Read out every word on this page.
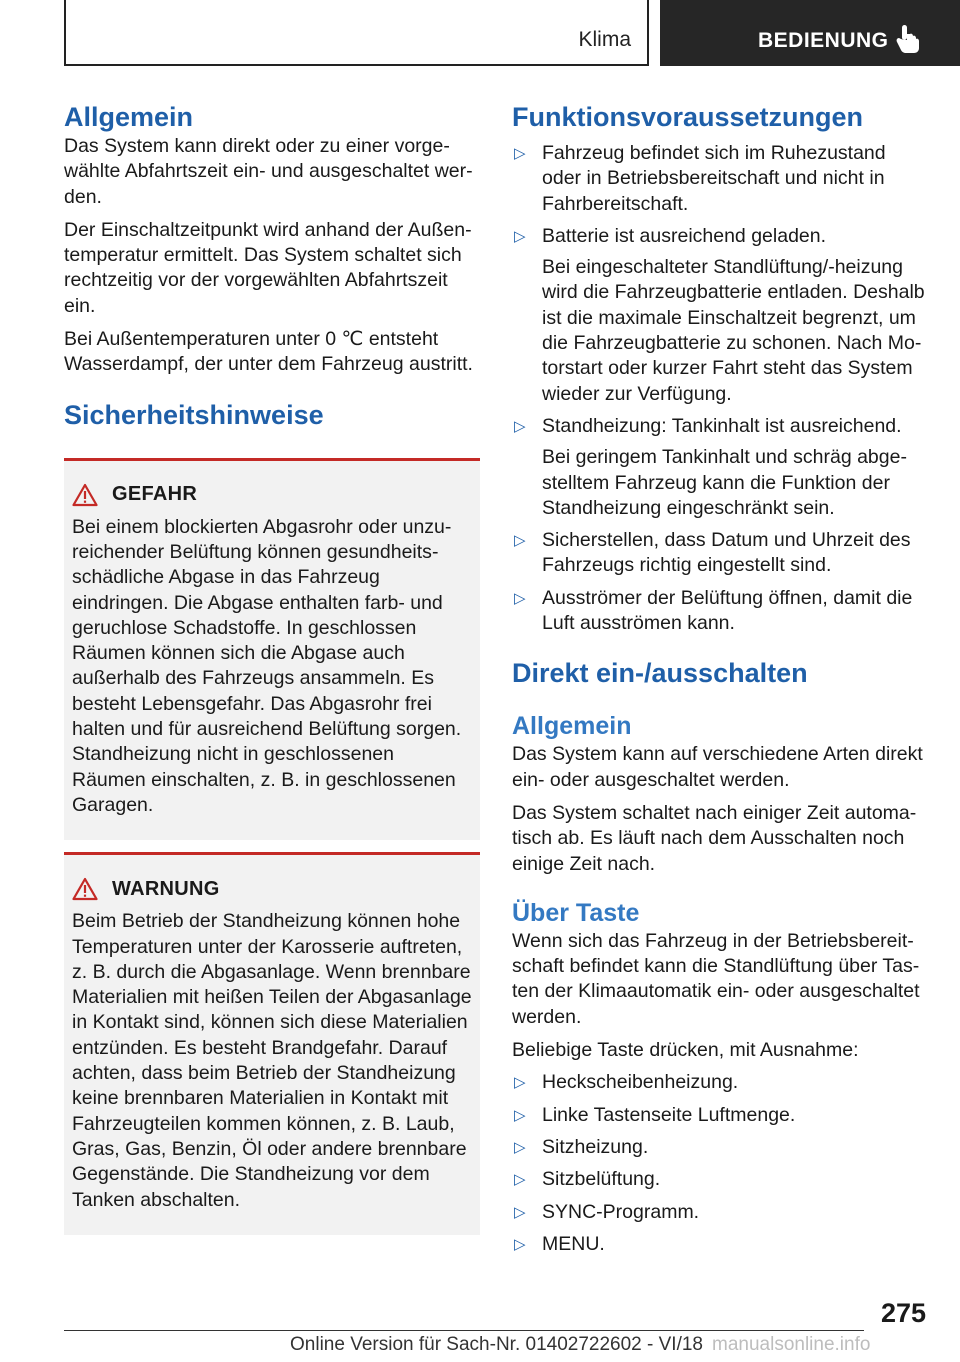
Klima	BEDIENUNG
Allgemein

Das System kann direkt oder zu einer vorgewählte Abfahrtszeit ein- und ausgeschaltet werden.

Der Einschaltzeitpunkt wird anhand der Außentemperatur ermittelt. Das System schaltet sich rechtzeitig vor der vorgewählten Abfahrtszeit ein.

Bei Außentemperaturen unter 0 ℃ entsteht Wasserdampf, der unter dem Fahrzeug austritt.

Sicherheitshinweise
GEFAHR

Bei einem blockierten Abgasrohr oder unzureichender Belüftung können gesundheitsschädliche Abgase in das Fahrzeug eindringen. Die Abgase enthalten farb- und geruchlose Schadstoffe. In geschlossen Räumen können sich die Abgase auch außerhalb des Fahrzeugs ansammeln. Es besteht Lebensgefahr. Das Abgasrohr frei halten und für ausreichend Belüftung sorgen. Standheizung nicht in geschlossenen Räumen einschalten, z. B. in geschlossenen Garagen.

WARNUNG

Beim Betrieb der Standheizung können hohe Temperaturen unter der Karosserie auftreten, z. B. durch die Abgasanlage. Wenn brennbare Materialien mit heißen Teilen der Abgasanlage in Kontakt sind, können sich diese Materialien entzünden. Es besteht Brandgefahr. Darauf achten, dass beim Betrieb der Standheizung keine brennbaren Materialien in Kontakt mit Fahrzeugteilen kommen können, z. B. Laub, Gras, Gas, Benzin, Öl oder andere brennbare Gegenstände. Die Standheizung vor dem Tanken abschalten.

Funktionsvoraussetzungen
▷ Fahrzeug befindet sich im Ruhezustand oder in Betriebsbereitschaft und nicht in Fahrbereitschaft.

▷ Batterie ist ausreichend geladen.

Bei eingeschalteter Standlüftung/-heizung wird die Fahrzeugbatterie entladen. Deshalb ist die maximale Einschaltzeit begrenzt, um die Fahrzeugbatterie zu schonen. Nach Motorstart oder kurzer Fahrt steht das System wieder zur Verfügung.

▷ Standheizung: Tankinhalt ist ausreichend.

Bei geringem Tankinhalt und schräg abgestelltem Fahrzeug kann die Funktion der Standheizung eingeschränkt sein.

▷ Sicherstellen, dass Datum und Uhrzeit des Fahrzeugs richtig eingestellt sind.

▷ Ausströmer der Belüftung öffnen, damit die Luft ausströmen kann.

Direkt ein-/ausschalten
Allgemein

Das System kann auf verschiedene Arten direkt ein- oder ausgeschaltet werden.

Das System schaltet nach einiger Zeit automatisch ab. Es läuft nach dem Ausschalten noch einige Zeit nach.

Über Taste

Wenn sich das Fahrzeug in der Betriebsbereitschaft befindet kann die Standlüftung über Tasten der Klimaautomatik ein- oder ausgeschaltet werden.

Beliebige Taste drücken, mit Ausnahme:

▷ Heckscheibenheizung.

▷ Linke Tastenseite Luftmenge.

▷ Sitzheizung.

▷ Sitzbelüftung.

▷ SYNC-Programm.

▷ MENU.

275
Online Version für Sach-Nr. 01402722602 - VI/18 manualsonline.info
